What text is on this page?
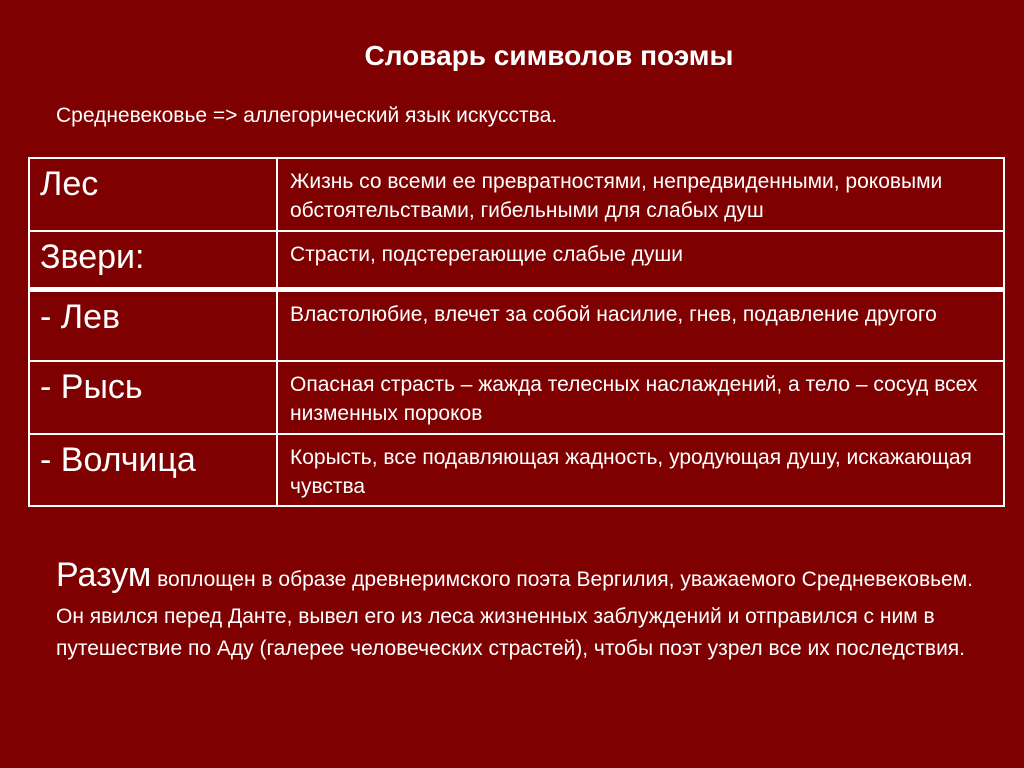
Словарь символов поэмы

Средневековье => аллегорический язык искусства.

Лес	Жизнь со всеми ее превратностями, непредвиденными, роковыми обстоятельствами, гибельными для слабых душ
Звери:	Страсти, подстерегающие слабые души
- Лев	Властолюбие, влечет за собой насилие, гнев, подавление другого
- Рысь	Опасная страсть – жажда телесных наслаждений, а тело – сосуд всех низменных пороков
- Волчица	Корысть, все подавляющая жадность, уродующая душу, искажающая чувства

Разум воплощен в образе древнеримского поэта Вергилия, уважаемого Средневековьем. Он явился перед Данте, вывел его из леса жизненных заблуждений и отправился с ним в путешествие по Аду (галерее человеческих страстей), чтобы поэт узрел все их последствия.
